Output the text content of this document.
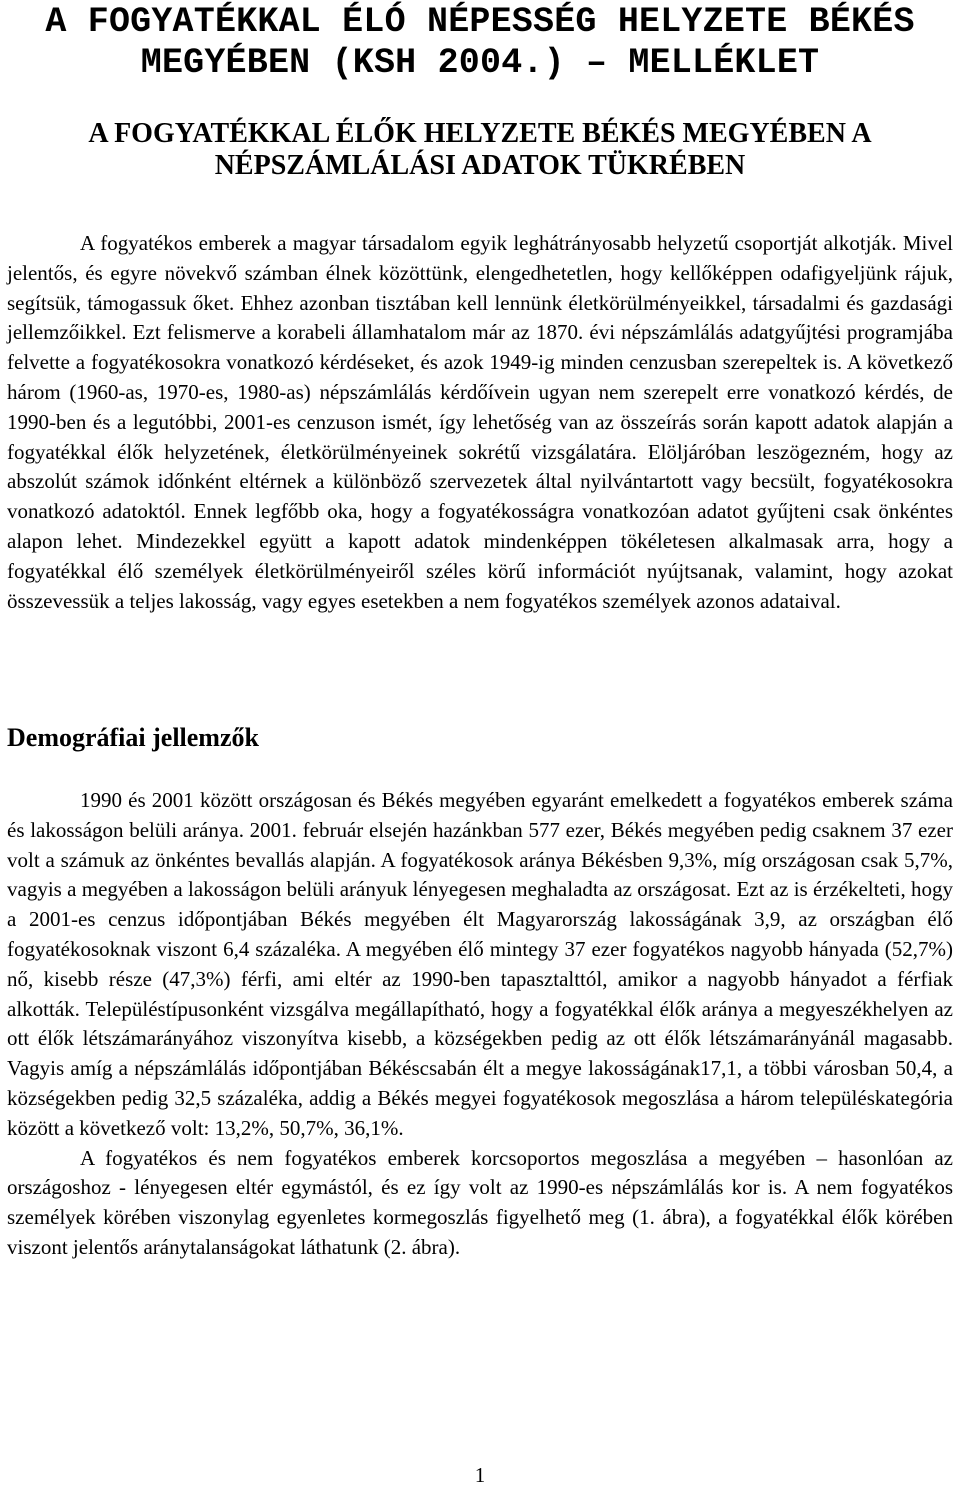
A FOGYATÉKKAL ÉLÓ NÉPESSÉG HELYZETE BÉKÉS MEGYÉBEN (KSH 2004.) – MELLÉKLET
A FOGYATÉKKAL ÉLŐK HELYZETE BÉKÉS MEGYÉBEN A NÉPSZÁMLÁLÁSI ADATOK TÜKRÉBEN

A fogyatékos emberek a magyar társadalom egyik leghátrányosabb helyzetű csoportját alkotják. Mivel jelentős, és egyre növekvő számban élnek közöttünk, elengedhetetlen, hogy kellőképpen odafigyeljünk rájuk, segítsük, támogassuk őket. Ehhez azonban tisztában kell lennünk életkörülményeikkel, társadalmi és gazdasági jellemzőikkel. Ezt felismerve a korabeli államhatalom már az 1870. évi népszámlálás adatgyűjtési programjába felvette a fogyatékosokra vonatkozó kérdéseket, és azok 1949-ig minden cenzusban szerepeltek is. A következő három (1960-as, 1970-es, 1980-as) népszámlálás kérdőívein ugyan nem szerepelt erre vonatkozó kérdés, de 1990-ben és a legutóbbi, 2001-es cenzuson ismét, így lehetőség van az összeírás során kapott adatok alapján a fogyatékkal élők helyzetének, életkörülményeinek sokrétű vizsgálatára. Elöljáróban leszögezném, hogy az abszolút számok időnként eltérnek a különböző szervezetek által nyilvántartott vagy becsült, fogyatékosokra vonatkozó adatoktól. Ennek legfőbb oka, hogy a fogyatékosságra vonatkozóan adatot gyűjteni csak önkéntes alapon lehet. Mindezekkel együtt a kapott adatok mindenképpen tökéletesen alkalmasak arra, hogy a fogyatékkal élő személyek életkörülményeiről széles körű információt nyújtsanak, valamint, hogy azokat összevessük a teljes lakosság, vagy egyes esetekben a nem fogyatékos személyek azonos adataival.

Demográfiai jellemzők

1990 és 2001 között országosan és Békés megyében egyaránt emelkedett a fogyatékos emberek száma és lakosságon belüli aránya. 2001. február elsején hazánkban 577 ezer, Békés megyében pedig csaknem 37 ezer volt a számuk az önkéntes bevallás alapján. A fogyatékosok aránya Békésben 9,3%, míg országosan csak 5,7%, vagyis a megyében a lakosságon belüli arányuk lényegesen meghaladta az országosat. Ezt az is érzékelteti, hogy a 2001-es cenzus időpontjában Békés megyében élt Magyarország lakosságának 3,9, az országban élő fogyatékosoknak viszont 6,4 százaléka. A megyében élő mintegy 37 ezer fogyatékos nagyobb hányada (52,7%) nő, kisebb része (47,3%) férfi, ami eltér az 1990-ben tapasztalttól, amikor a nagyobb hányadot a férfiak alkották. Településtípusonként vizsgálva megállapítható, hogy a fogyatékkal élők aránya a megyeszékhelyen az ott élők létszámarányához viszonyítva kisebb, a községekben pedig az ott élők létszámarányánál magasabb. Vagyis amíg a népszámlálás időpontjában Békéscsabán élt a megye lakosságának17,1, a többi városban 50,4, a községekben pedig 32,5 százaléka, addig a Békés megyei fogyatékosok megoszlása a három településkategória között a következő volt: 13,2%, 50,7%, 36,1%.

A fogyatékos és nem fogyatékos emberek korcsoportos megoszlása a megyében – hasonlóan az országoshoz - lényegesen eltér egymástól, és ez így volt az 1990-es népszámlálás kor is. A nem fogyatékos személyek körében viszonylag egyenletes kormegoszlás figyelhető meg (1. ábra), a fogyatékkal élők körében viszont jelentős aránytalanságokat láthatunk (2. ábra).

1
